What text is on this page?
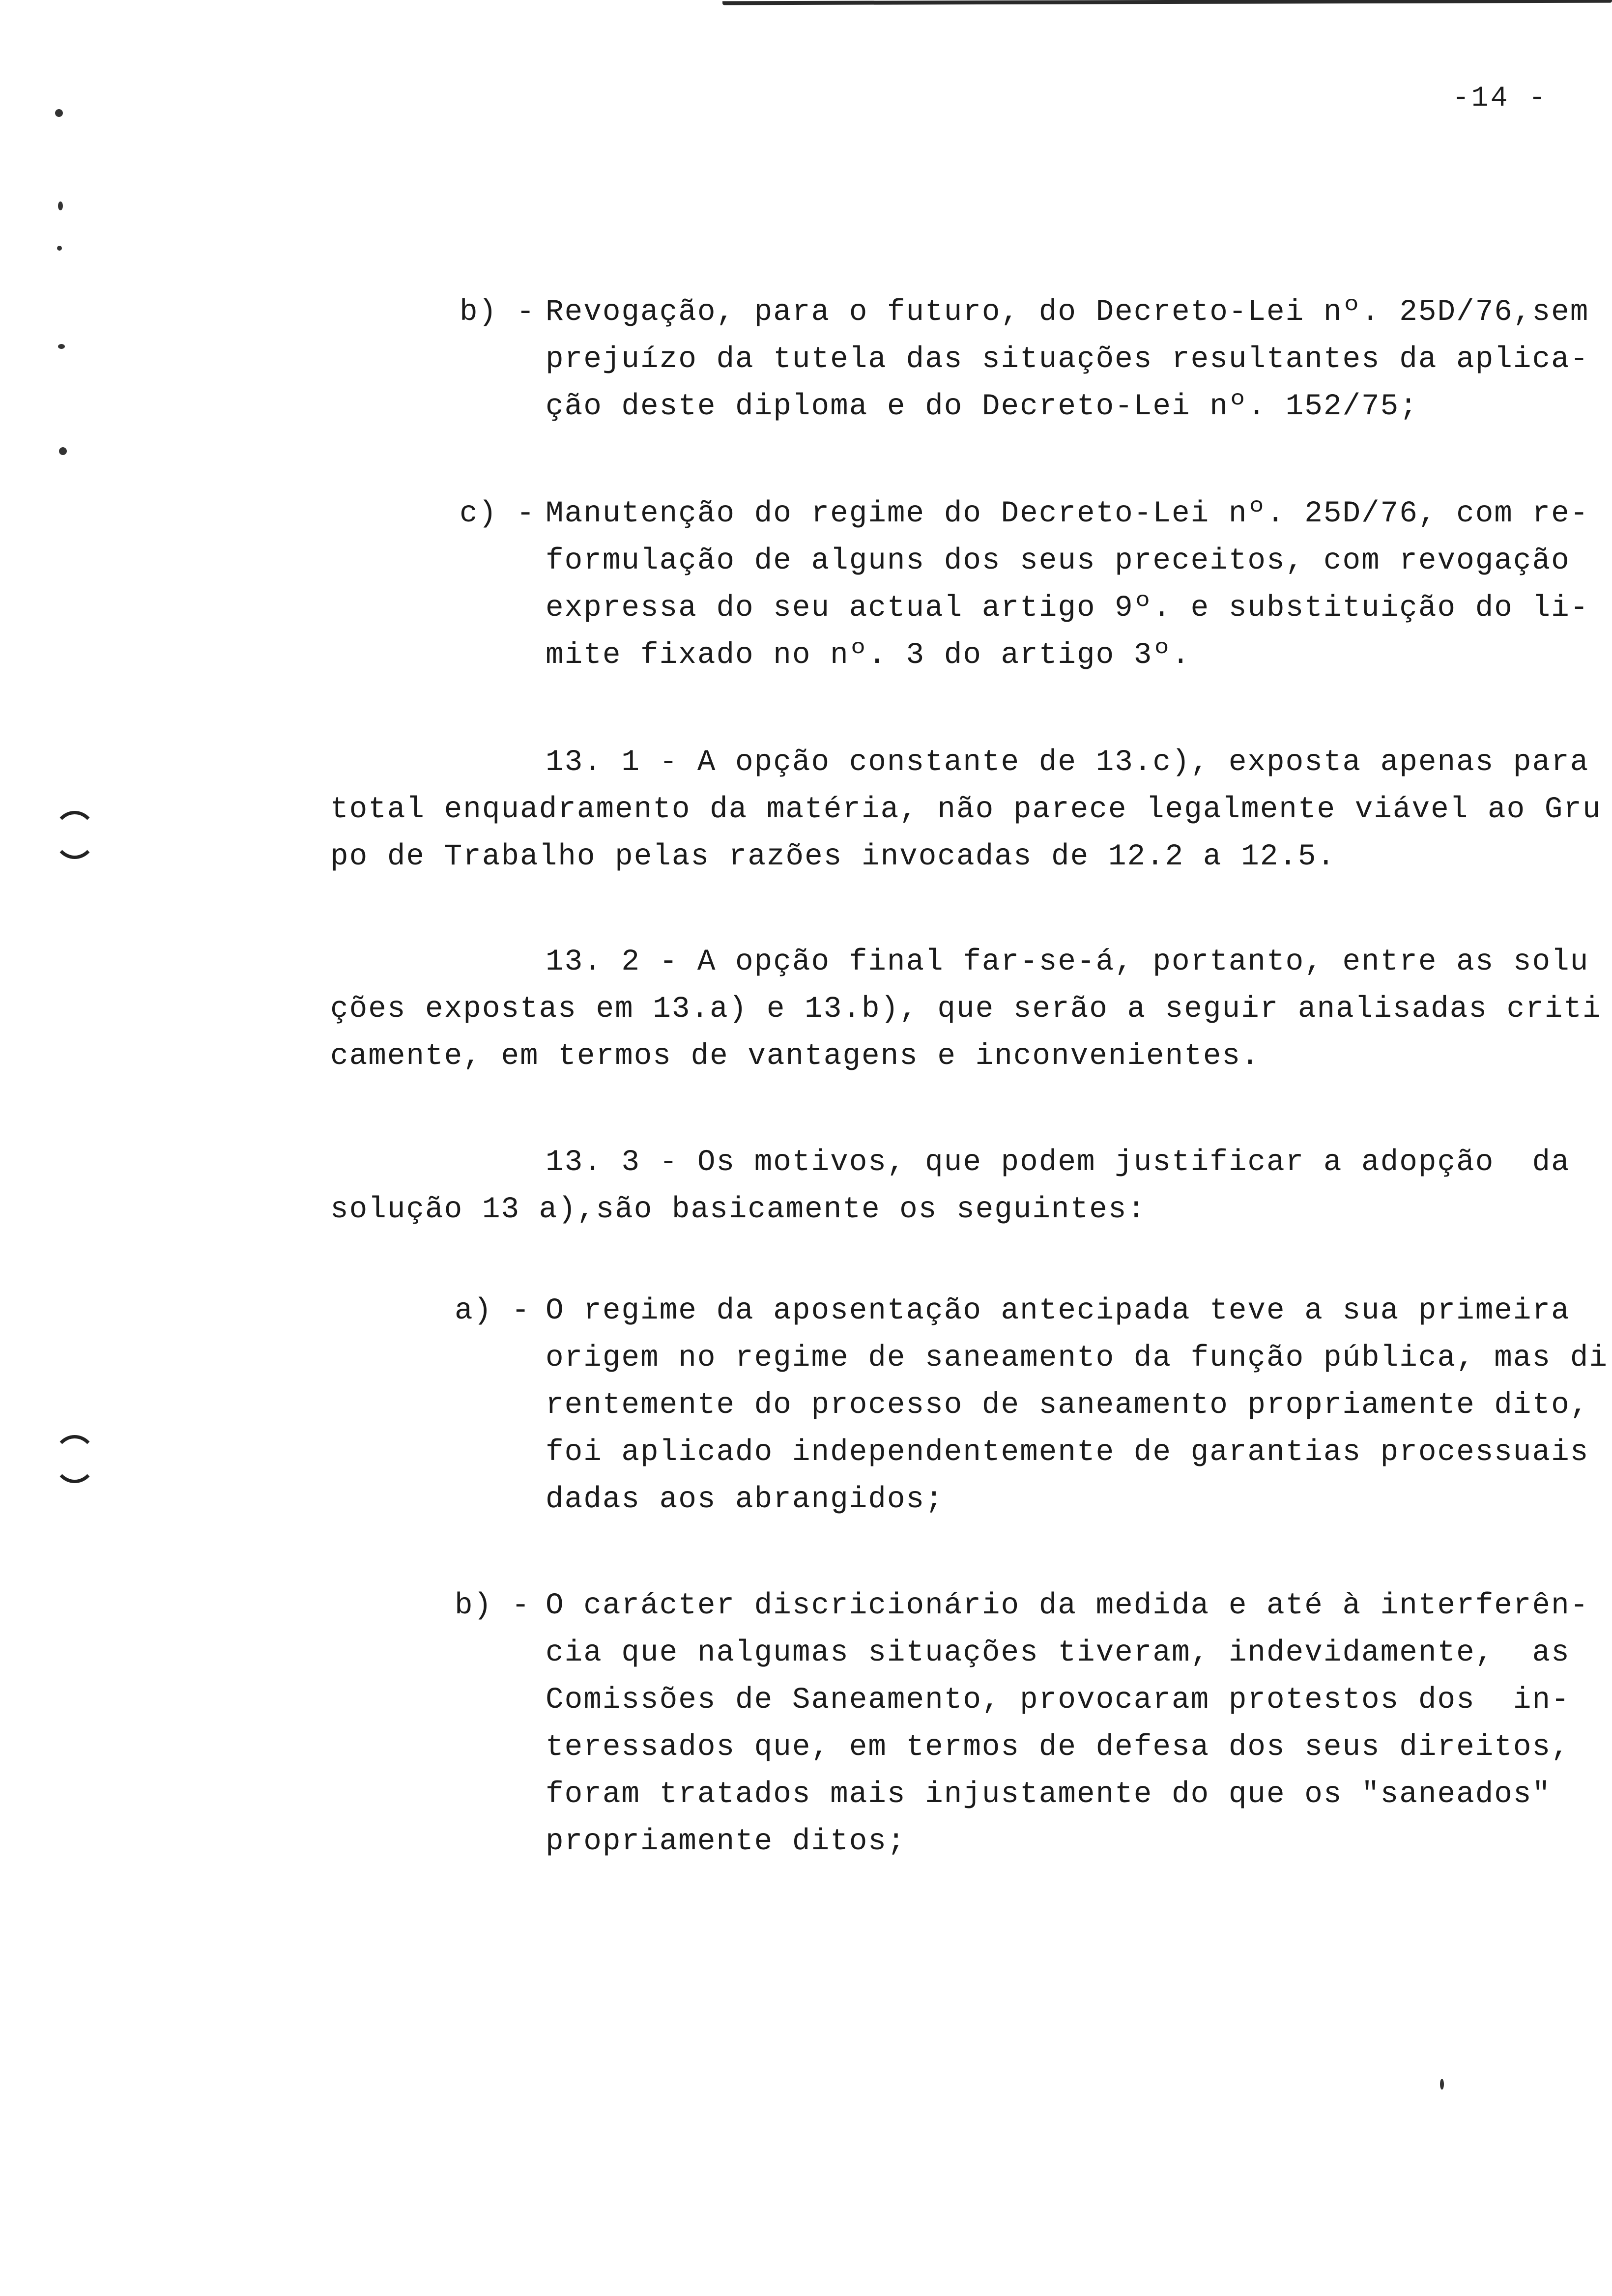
-14 -
b) - Revogação, para o futuro, do Decreto-Lei nº. 25D/76,sem
prejuízo da tutela das situações resultantes da aplica-
ção deste diploma e do Decreto-Lei nº. 152/75;
c) - Manutenção do regime do Decreto-Lei nº. 25D/76, com re-
formulação de alguns dos seus preceitos, com revogação
expressa do seu actual artigo 9º. e substituição do li-
mite fixado no nº. 3 do artigo 3º.
13. 1 - A opção constante de 13.c), exposta apenas para
total enquadramento da matéria, não parece legalmente viável ao Gru
po de Trabalho pelas razões invocadas de 12.2 a 12.5.
13. 2 - A opção final far-se-á, portanto, entre as solu
ções expostas em 13.a) e 13.b), que serão a seguir analisadas criti
camente, em termos de vantagens e inconvenientes.
13. 3 - Os motivos, que podem justificar a adopção  da
solução 13 a),são basicamente os seguintes:
a) - O regime da aposentação antecipada teve a sua primeira
origem no regime de saneamento da função pública, mas di
rentemente do processo de saneamento propriamente dito,
foi aplicado independentemente de garantias processuais
dadas aos abrangidos;
b) - O carácter discricionário da medida e até à interferên-
cia que nalgumas situações tiveram, indevidamente,  as
Comissões de Saneamento, provocaram protestos dos  in-
teressados que, em termos de defesa dos seus direitos,
foram tratados mais injustamente do que os "saneados"
propriamente ditos;
